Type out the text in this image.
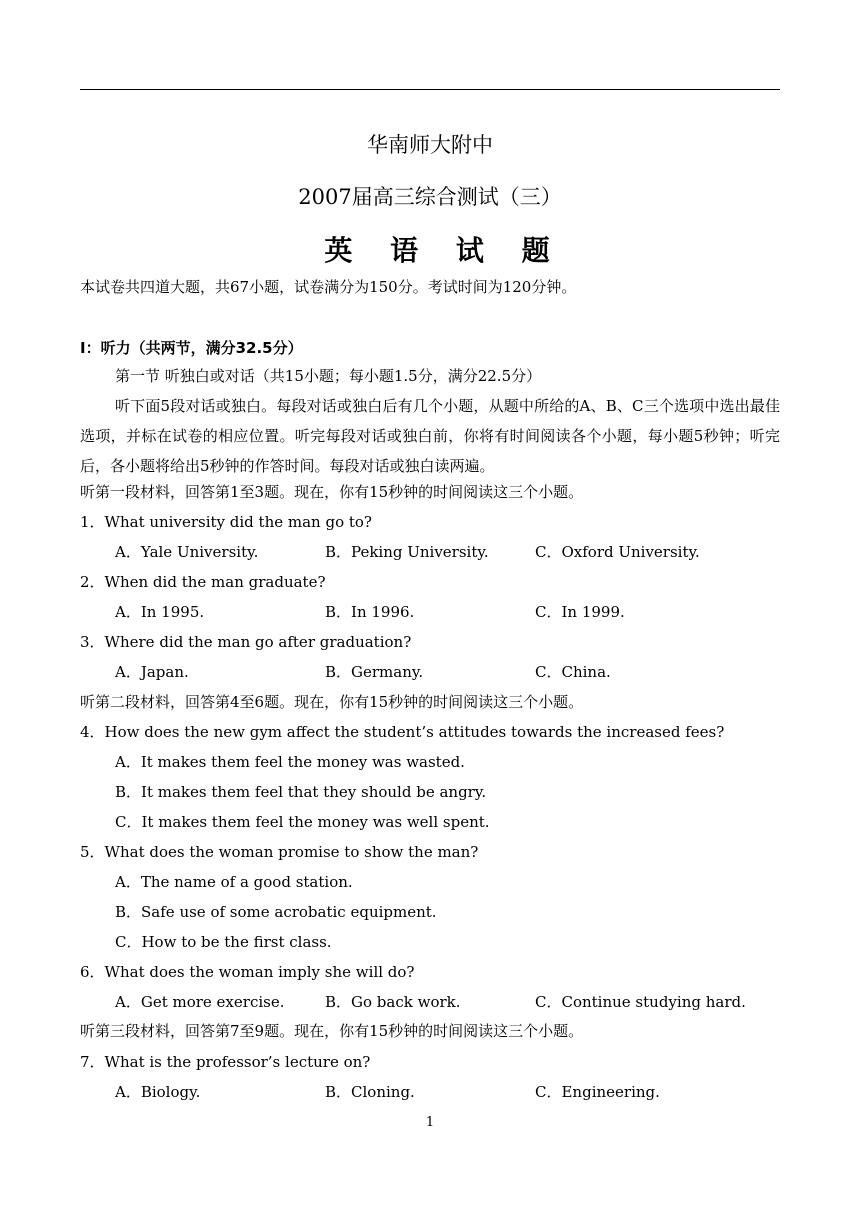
华南师大附中
2007届高三综合测试（三）
英 语 试 题
本试卷共四道大题，共67小题，试卷满分为150分。考试时间为120分钟。
Ⅰ：听力（共两节，满分32.5分）
第一节 听独白或对话（共15小题；每小题1.5分，满分22.5分）
听下面5段对话或独白。每段对话或独白后有几个小题，从题中所给的A、B、C三个选项中选出最佳选项，并标在试卷的相应位置。听完每段对话或独白前，你将有时间阅读各个小题，每小题5秒钟；听完后，各小题将给出5秒钟的作答时间。每段对话或独白读两遍。
听第一段材料，回答第1至3题。现在，你有15秒钟的时间阅读这三个小题。
1．What university did the man go to?
A．Yale University.	B．Peking University.	C．Oxford University.
2．When did the man graduate?
A．In 1995.	B．In 1996.	C．In 1999.
3．Where did the man go after graduation?
A．Japan.	B．Germany.	C．China.
听第二段材料，回答第4至6题。现在，你有15秒钟的时间阅读这三个小题。
4．How does the new gym affect the student’s attitudes towards the increased fees?
A．It makes them feel the money was wasted.
B．It makes them feel that they should be angry.
C．It makes them feel the money was well spent.
5．What does the woman promise to show the man?
A．The name of a good station.
B．Safe use of some acrobatic equipment.
C．How to be the first class.
6．What does the woman imply she will do?
A．Get more exercise.	B．Go back work.	C．Continue studying hard.
听第三段材料，回答第7至9题。现在，你有15秒钟的时间阅读这三个小题。
7．What is the professor’s lecture on?
A．Biology.	B．Cloning.	C．Engineering.
1
